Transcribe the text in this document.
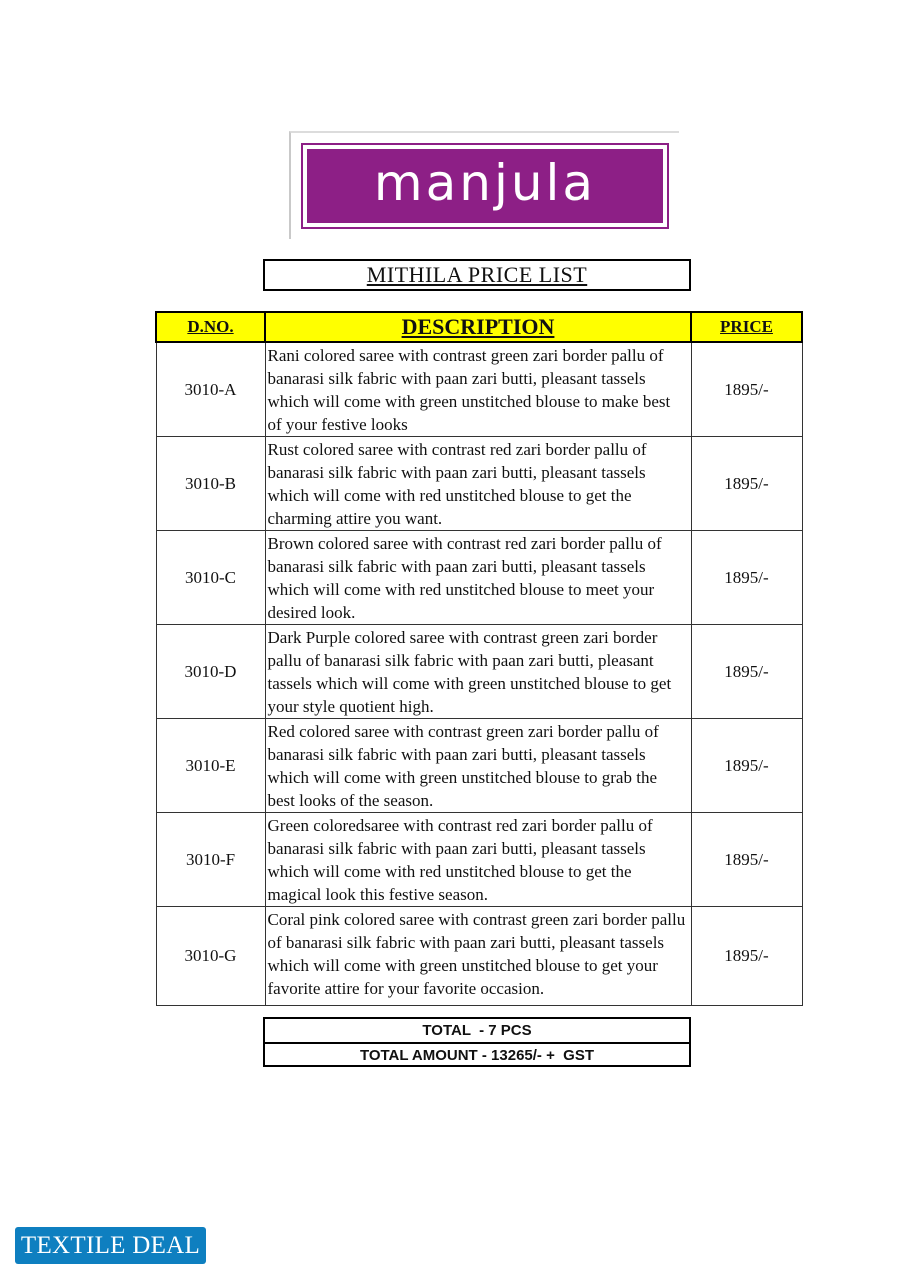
manjula
MITHILA PRICE LIST
D.NO.	DESCRIPTION	PRICE
3010-A	Rani colored saree with contrast green zari border pallu of banarasi silk fabric with paan zari butti, pleasant tassels which will come with green unstitched blouse to make best of your festive looks	1895/-
3010-B	Rust colored saree with contrast red zari border pallu of banarasi silk fabric with paan zari butti, pleasant tassels which will come with red unstitched blouse to get the charming attire you want.	1895/-
3010-C	Brown colored saree with contrast red zari border pallu of banarasi silk fabric with paan zari butti, pleasant tassels which will come with red unstitched blouse to meet your desired look.	1895/-
3010-D	Dark Purple colored saree with contrast green zari border pallu of banarasi silk fabric with paan zari butti, pleasant tassels which will come with green unstitched blouse to get your style quotient high.	1895/-
3010-E	Red colored saree with contrast green zari border pallu of banarasi silk fabric with paan zari butti, pleasant tassels which will come with green unstitched blouse to grab the best looks of the season.	1895/-
3010-F	Green coloredsaree with contrast red zari border pallu of banarasi silk fabric with paan zari butti, pleasant tassels which will come with red unstitched blouse to get the magical look this festive season.	1895/-
3010-G	Coral pink colored saree with contrast green zari border pallu of banarasi silk fabric with paan zari butti, pleasant tassels which will come with green unstitched blouse to get your favorite attire for your favorite occasion.	1895/-
TOTAL  - 7 PCS
TOTAL AMOUNT - 13265/- +  GST
TEXTILE DEAL
